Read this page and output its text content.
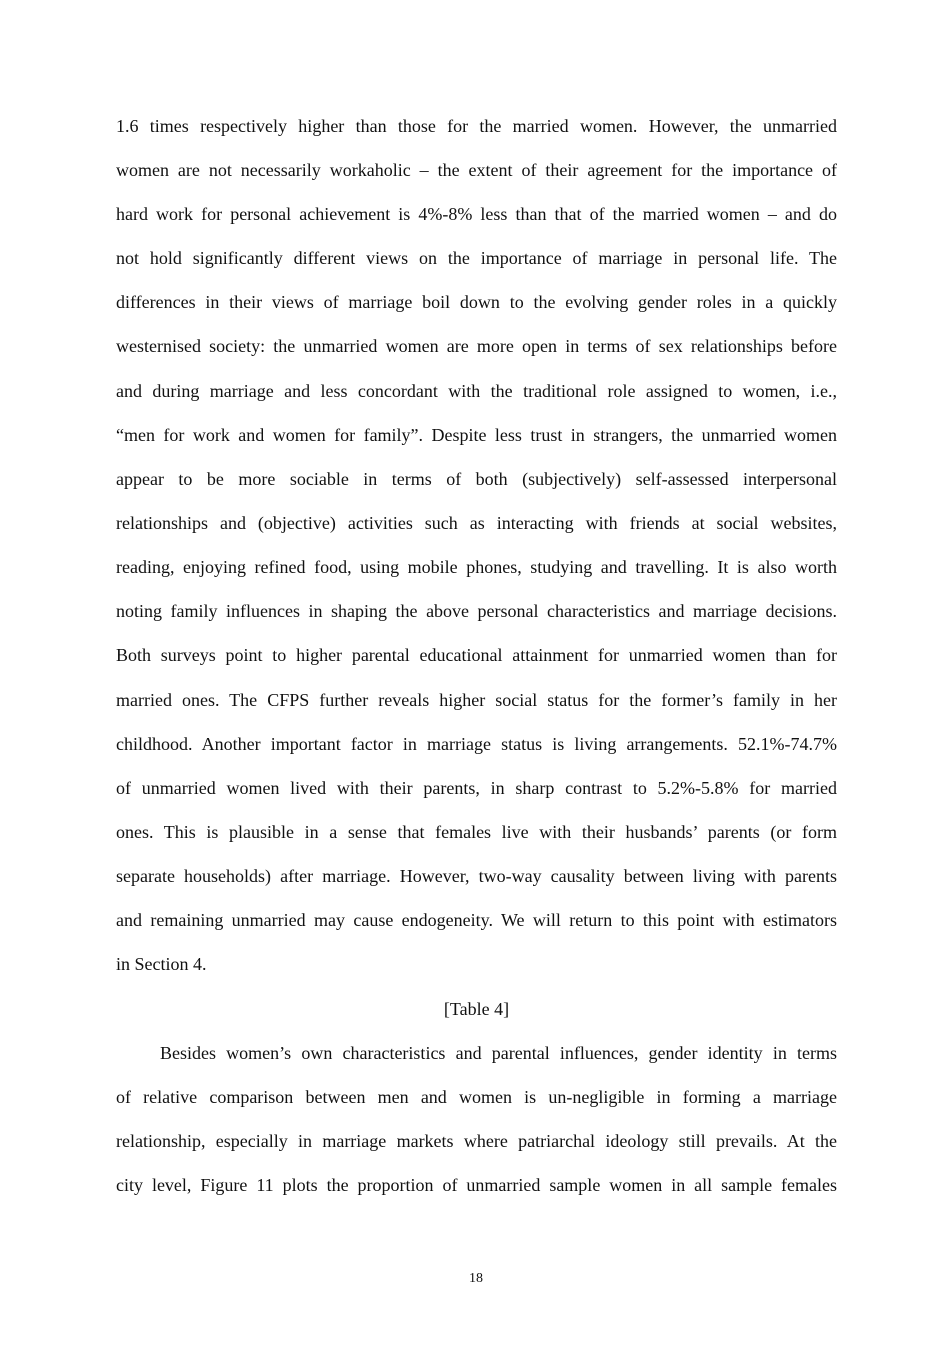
1.6 times respectively higher than those for the married women. However, the unmarried
women are not necessarily workaholic – the extent of their agreement for the importance of
hard work for personal achievement is 4%-8% less than that of the married women – and do
not hold significantly different views on the importance of marriage in personal life. The
differences in their views of marriage boil down to the evolving gender roles in a quickly
westernised society: the unmarried women are more open in terms of sex relationships before
and during marriage and less concordant with the traditional role assigned to women, i.e.,
“men for work and women for family”. Despite less trust in strangers, the unmarried women
appear to be more sociable in terms of both (subjectively) self-assessed interpersonal
relationships and (objective) activities such as interacting with friends at social websites,
reading, enjoying refined food, using mobile phones, studying and travelling. It is also worth
noting family influences in shaping the above personal characteristics and marriage decisions.
Both surveys point to higher parental educational attainment for unmarried women than for
married ones. The CFPS further reveals higher social status for the former’s family in her
childhood. Another important factor in marriage status is living arrangements. 52.1%-74.7%
of unmarried women lived with their parents, in sharp contrast to 5.2%-5.8% for married
ones. This is plausible in a sense that females live with their husbands’ parents (or form
separate households) after marriage. However, two-way causality between living with parents
and remaining unmarried may cause endogeneity. We will return to this point with estimators
in Section 4.
[Table 4]
Besides women’s own characteristics and parental influences, gender identity in terms
of relative comparison between men and women is un-negligible in forming a marriage
relationship, especially in marriage markets where patriarchal ideology still prevails. At the
city level, Figure 11 plots the proportion of unmarried sample women in all sample females
18
